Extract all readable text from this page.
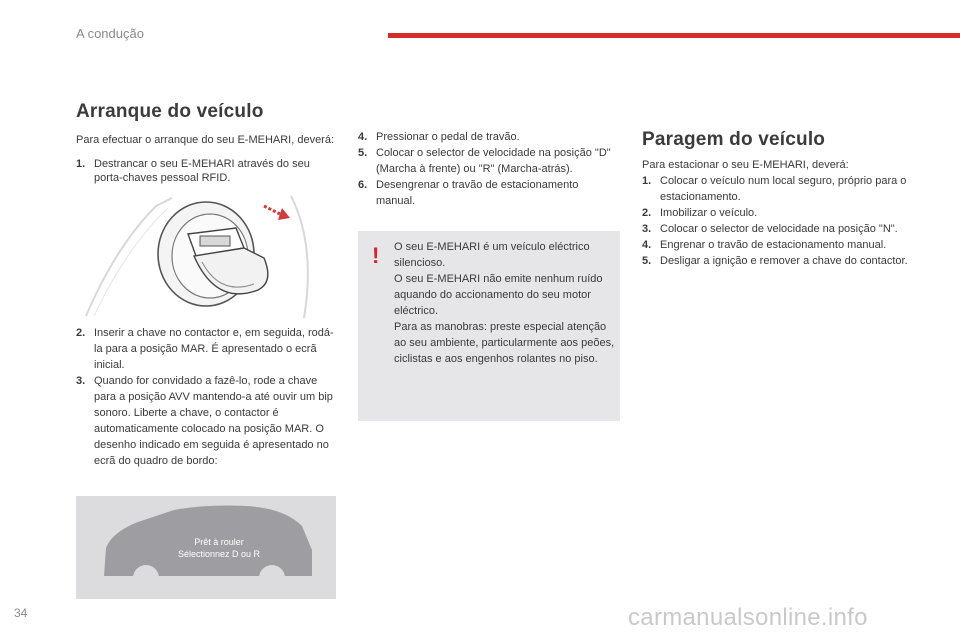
A condução
Arranque do veículo
Para efectuar o arranque do seu E-MEHARI, deverá:
1. Destrancar o seu E-MEHARI através do seu porta-chaves pessoal RFID.
2. Inserir a chave no contactor e, em seguida, rodá-la para a posição MAR. É apresentado o ecrã inicial.
3. Quando for convidado a fazê-lo, rode a chave para a posição AVV mantendo-a até ouvir um bip sonoro. Liberte a chave, o contactor é automaticamente colocado na posição MAR. O desenho indicado em seguida é apresentado no ecrã do quadro de bordo:
Prêt à rouler
Sélectionnez D ou R
4. Pressionar o pedal de travão.
5. Colocar o selector de velocidade na posição "D" (Marcha à frente) ou "R" (Marcha-atrás).
6. Desengrenar o travão de estacionamento manual.
! O seu E-MEHARI é um veículo eléctrico silencioso.
O seu E-MEHARI não emite nenhum ruído aquando do accionamento do seu motor eléctrico.
Para as manobras: preste especial atenção ao seu ambiente, particularmente aos peões, ciclistas e aos engenhos rolantes no piso.
Paragem do veículo
Para estacionar o seu E-MEHARI, deverá:
1. Colocar o veículo num local seguro, próprio para o estacionamento.
2. Imobilizar o veículo.
3. Colocar o selector de velocidade na posição "N".
4. Engrenar o travão de estacionamento manual.
5. Desligar a ignição e remover a chave do contactor.
34	carmanualsonline.info
